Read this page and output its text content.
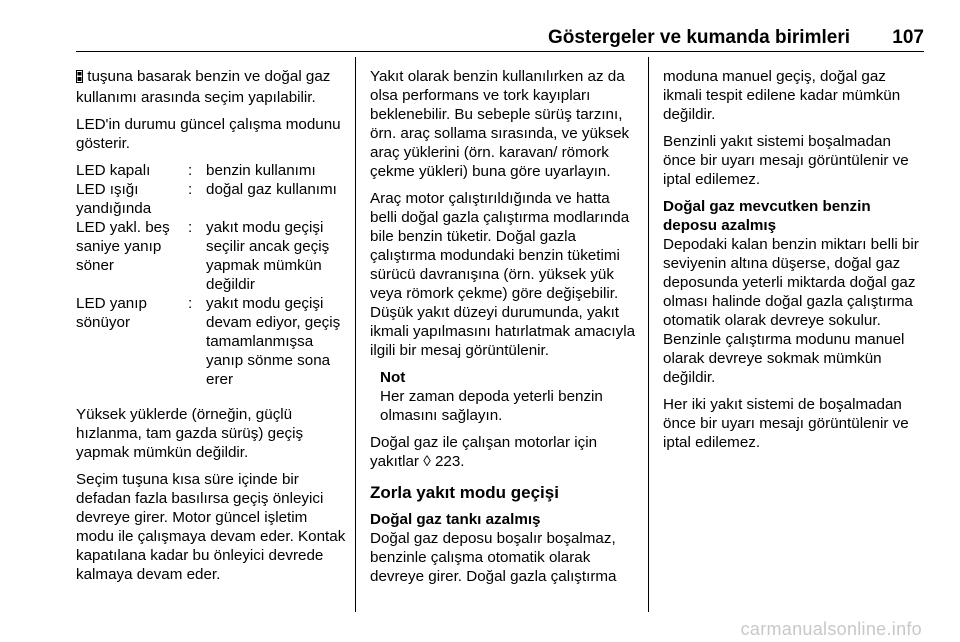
Göstergeler ve kumanda birimleri 107

tuşuna basarak benzin ve doğal gaz kullanımı arasında seçim yapılabilir.

LED'in durumu güncel çalışma modunu gösterir.

LED kapalı	: benzin kullanımı
LED ışığı yandığında
: doğal gaz kullanımı
LED yakl. beş saniye yanıp söner
: yakıt modu geçişi seçilir ancak geçiş yapmak mümkün değildir
LED yanıp sönüyor
: yakıt modu geçişi devam ediyor, geçiş tamamlanmışsa yanıp sönme sona erer

Yüksek yüklerde (örneğin, güçlü hızlanma, tam gazda sürüş) geçiş yapmak mümkün değildir.

Seçim tuşuna kısa süre içinde bir defadan fazla basılırsa geçiş önleyici devreye girer. Motor güncel işletim modu ile çalışmaya devam eder. Kontak kapatılana kadar bu önleyici devrede kalmaya devam eder.

Yakıt olarak benzin kullanılırken az da olsa performans ve tork kayıpları beklenebilir. Bu sebeple sürüş tarzını, örn. araç sollama sırasında, ve yüksek araç yüklerini (örn. karavan/ römork çekme yükleri) buna göre uyarlayın.

Araç motor çalıştırıldığında ve hatta belli doğal gazla çalıştırma modlarında bile benzin tüketir. Doğal gazla çalıştırma modundaki benzin tüketimi sürücü davranışına (örn. yüksek yük veya römork çekme) göre değişebilir. Düşük yakıt düzeyi durumunda, yakıt ikmali yapılmasını hatırlatmak amacıyla ilgili bir mesaj görüntülenir.

Not
Her zaman depoda yeterli benzin olmasını sağlayın.

Doğal gaz ile çalışan motorlar için yakıtlar ◊ 223.

Zorla yakıt modu geçişi
Doğal gaz tankı azalmış

Doğal gaz deposu boşalır boşalmaz, benzinle çalışma otomatik olarak devreye girer. Doğal gazla çalıştırma

moduna manuel geçiş, doğal gaz ikmali tespit edilene kadar mümkün değildir.

Benzinli yakıt sistemi boşalmadan önce bir uyarı mesajı görüntülenir ve iptal edilemez.

Doğal gaz mevcutken benzin deposu azalmış

Depodaki kalan benzin miktarı belli bir seviyenin altına düşerse, doğal gaz deposunda yeterli miktarda doğal gaz olması halinde doğal gazla çalıştırma otomatik olarak devreye sokulur. Benzinle çalıştırma modunu manuel olarak devreye sokmak mümkün değildir.

Her iki yakıt sistemi de boşalmadan önce bir uyarı mesajı görüntülenir ve iptal edilemez.

carmanualsonline.info
